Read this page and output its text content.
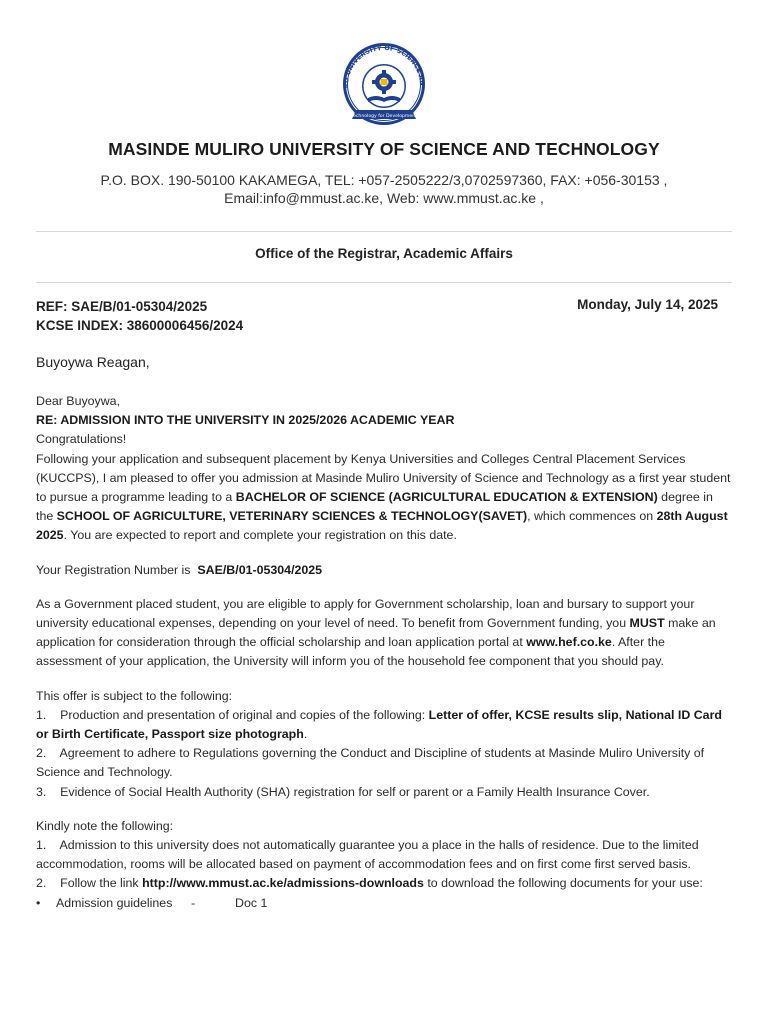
RO UNIVERSITY OF SCIENCE AN
Technology for Development
MASINDE MULIRO UNIVERSITY OF SCIENCE AND TECHNOLOGY
P.O. BOX. 190-50100 KAKAMEGA, TEL: +057-2505222/3,0702597360, FAX: +056-30153 ,
Email:info@mmust.ac.ke, Web: www.mmust.ac.ke ,
Office of the Registrar, Academic Affairs
REF: SAE/B/01-05304/2025
KCSE INDEX: 38600006456/2024
Monday, July 14, 2025
Buyoywa Reagan,

Dear Buyoywa,

RE: ADMISSION INTO THE UNIVERSITY IN 2025/2026 ACADEMIC YEAR

Congratulations!

Following your application and subsequent placement by Kenya Universities and Colleges Central Placement Services (KUCCPS), I am pleased to offer you admission at Masinde Muliro University of Science and Technology as a first year student to pursue a programme leading to a BACHELOR OF SCIENCE (AGRICULTURAL EDUCATION & EXTENSION) degree in the SCHOOL OF AGRICULTURE, VETERINARY SCIENCES & TECHNOLOGY(SAVET), which commences on 28th August 2025. You are expected to report and complete your registration on this date.

Your Registration Number is SAE/B/01-05304/2025

As a Government placed student, you are eligible to apply for Government scholarship, loan and bursary to support your university educational expenses, depending on your level of need. To benefit from Government funding, you MUST make an application for consideration through the official scholarship and loan application portal at www.hef.co.ke. After the assessment of your application, the University will inform you of the household fee component that you should pay.

This offer is subject to the following:

1. Production and presentation of original and copies of the following: Letter of offer, KCSE results slip, National ID Card or Birth Certificate, Passport size photograph.

2. Agreement to adhere to Regulations governing the Conduct and Discipline of students at Masinde Muliro University of Science and Technology.

3. Evidence of Social Health Authority (SHA) registration for self or parent or a Family Health Insurance Cover.

Kindly note the following:

1. Admission to this university does not automatically guarantee you a place in the halls of residence. Due to the limited accommodation, rooms will be allocated based on payment of accommodation fees and on first come first served basis.

2. Follow the link http://www.mmust.ac.ke/admissions-downloads to download the following documents for your use:

•	Admission guidelines	-	Doc 1
